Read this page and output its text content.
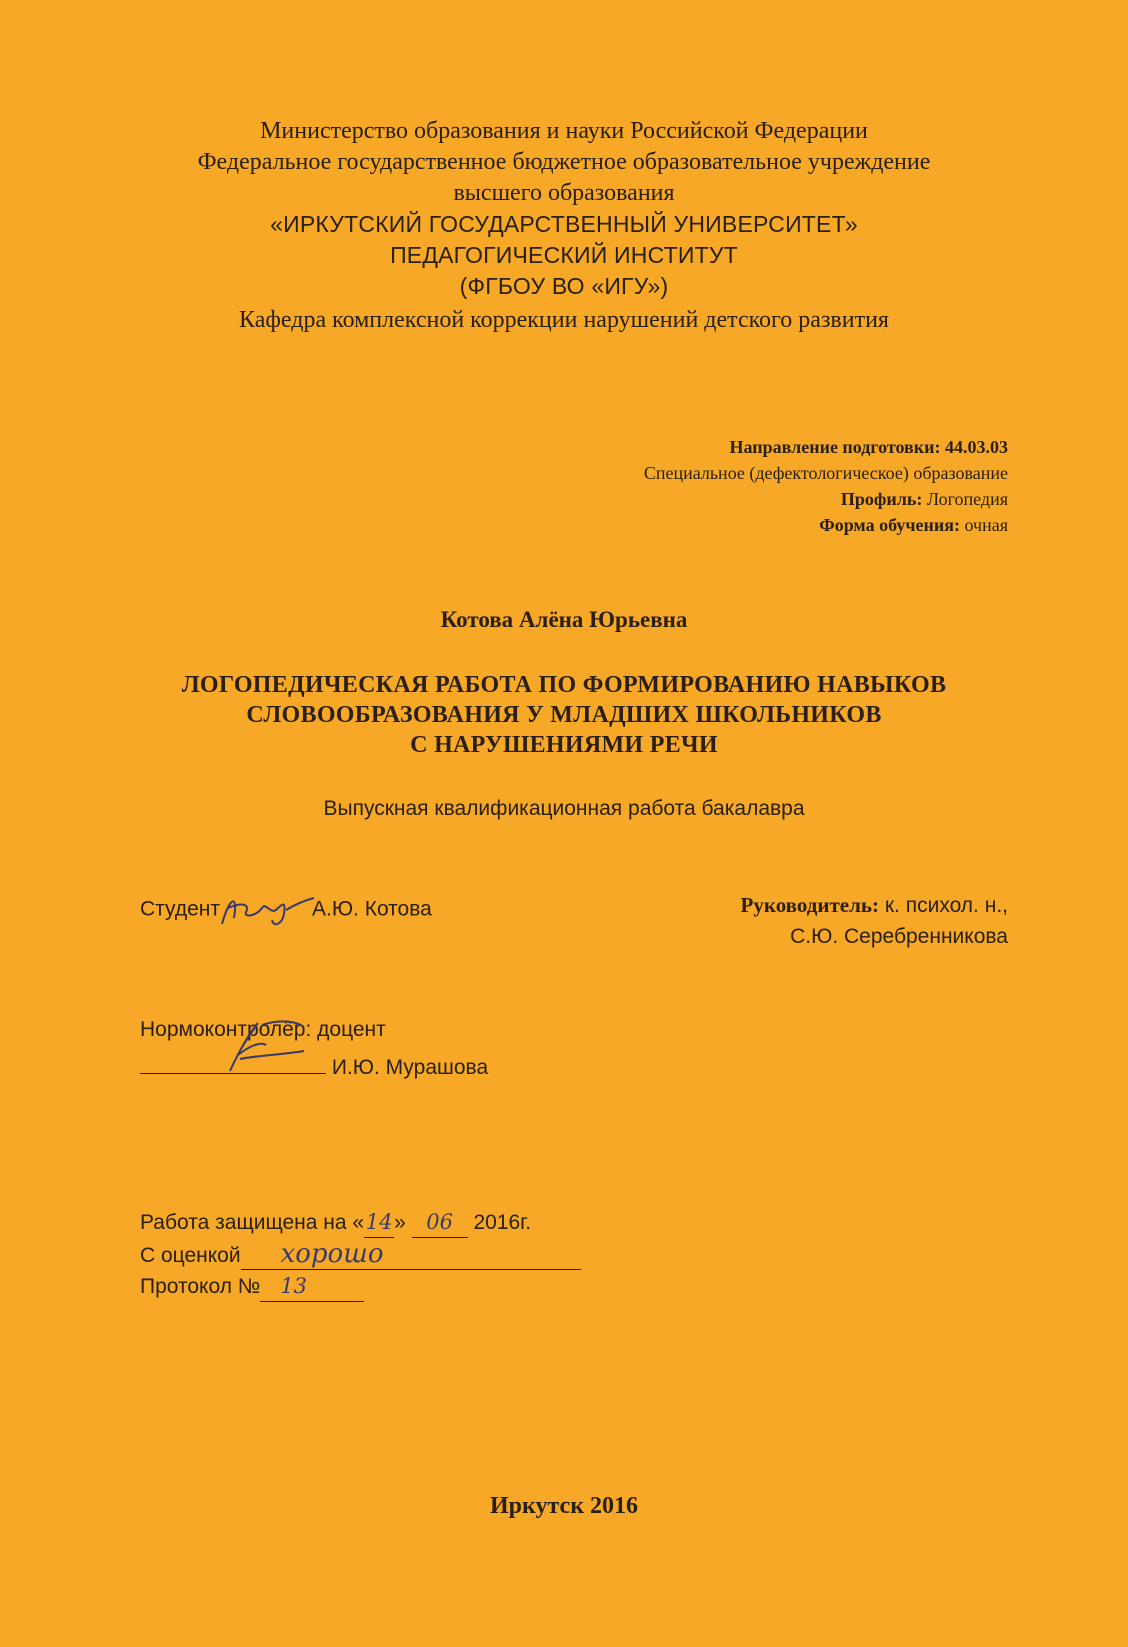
Министерство образования и науки Российской Федерации
Федеральное государственное бюджетное образовательное учреждение
высшего образования
«ИРКУТСКИЙ ГОСУДАРСТВЕННЫЙ УНИВЕРСИТЕТ»
ПЕДАГОГИЧЕСКИЙ ИНСТИТУТ
(ФГБОУ ВО «ИГУ»)
Кафедра комплексной коррекции нарушений детского развития
Направление подготовки: 44.03.03
Специальное (дефектологическое) образование
Профиль: Логопедия
Форма обучения: очная
Котова Алёна Юрьевна
ЛОГОПЕДИЧЕСКАЯ РАБОТА ПО ФОРМИРОВАНИЮ НАВЫКОВ
СЛОВООБРАЗОВАНИЯ У МЛАДШИХ ШКОЛЬНИКОВ
С НАРУШЕНИЯМИ РЕЧИ
Выпускная квалификационная работа бакалавра
Студент	А.Ю. Котова	Руководитель: к. психол. н.,
С.Ю. Серебренникова
Нормоконтролёр: доцент
И.Ю. Мурашова
Работа защищена на «14» 06 2016г.
С оценкой хорошо
Протокол № 13
Иркутск 2016
